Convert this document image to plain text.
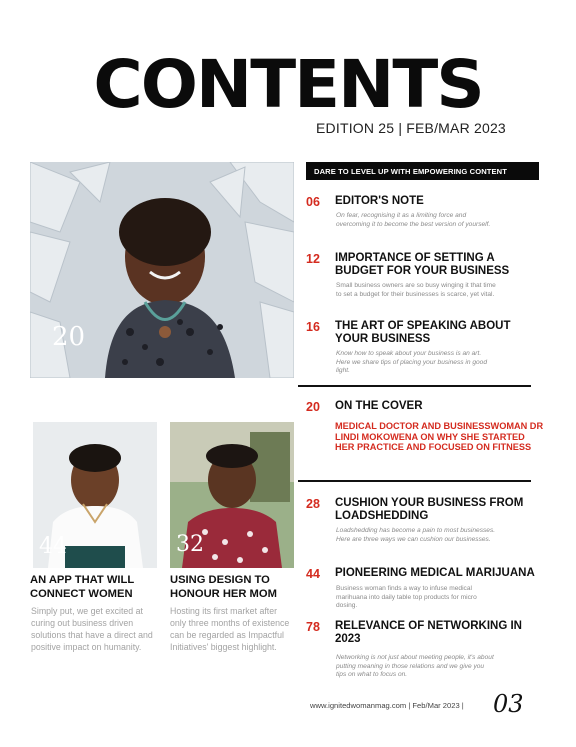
CONTENTS
EDITION 25 | FEB/MAR 2023
20
DARE TO LEVEL UP WITH EMPOWERING CONTENT
06 EDITOR'S NOTE
On fear, recognising it as a limiting force and overcoming it to become the best version of yourself.
12 IMPORTANCE OF SETTING A BUDGET FOR YOUR BUSINESS
Small business owners are so busy winging it that time to set a budget for their businesses is scarce, yet vital.
16 THE ART OF SPEAKING ABOUT YOUR BUSINESS
Know how to speak about your business is an art. Here we share tips of placing your business in good light.
20 ON THE COVER
MEDICAL DOCTOR AND BUSINESSWOMAN DR LINDI MOKOWENA ON WHY SHE STARTED HER PRACTICE AND FOCUSED ON FITNESS
28 CUSHION YOUR BUSINESS FROM LOADSHEDDING
Loadshedding has become a pain to most businesses. Here are three ways we can cushion our businesses.
44 PIONEERING MEDICAL MARIJUANA
Business woman finds a way to infuse medical marihuana into daily table top products for micro dosing.
78 RELEVANCE OF NETWORKING IN 2023
Networking is not just about meeting people, it's about putting meaning in those relations and we give you tips on what to focus on.
44	32
AN APP THAT WILL CONNECT WOMEN
Simply put, we get excited at curing out business driven solutions that have a direct and positive impact on humanity.
USING DESIGN TO HONOUR HER MOM
Hosting its first market after only three months of existence can be regarded as Impactful Initiatives' biggest highlight.
www.ignitedwomanmag.com | Feb/Mar 2023 | 03
